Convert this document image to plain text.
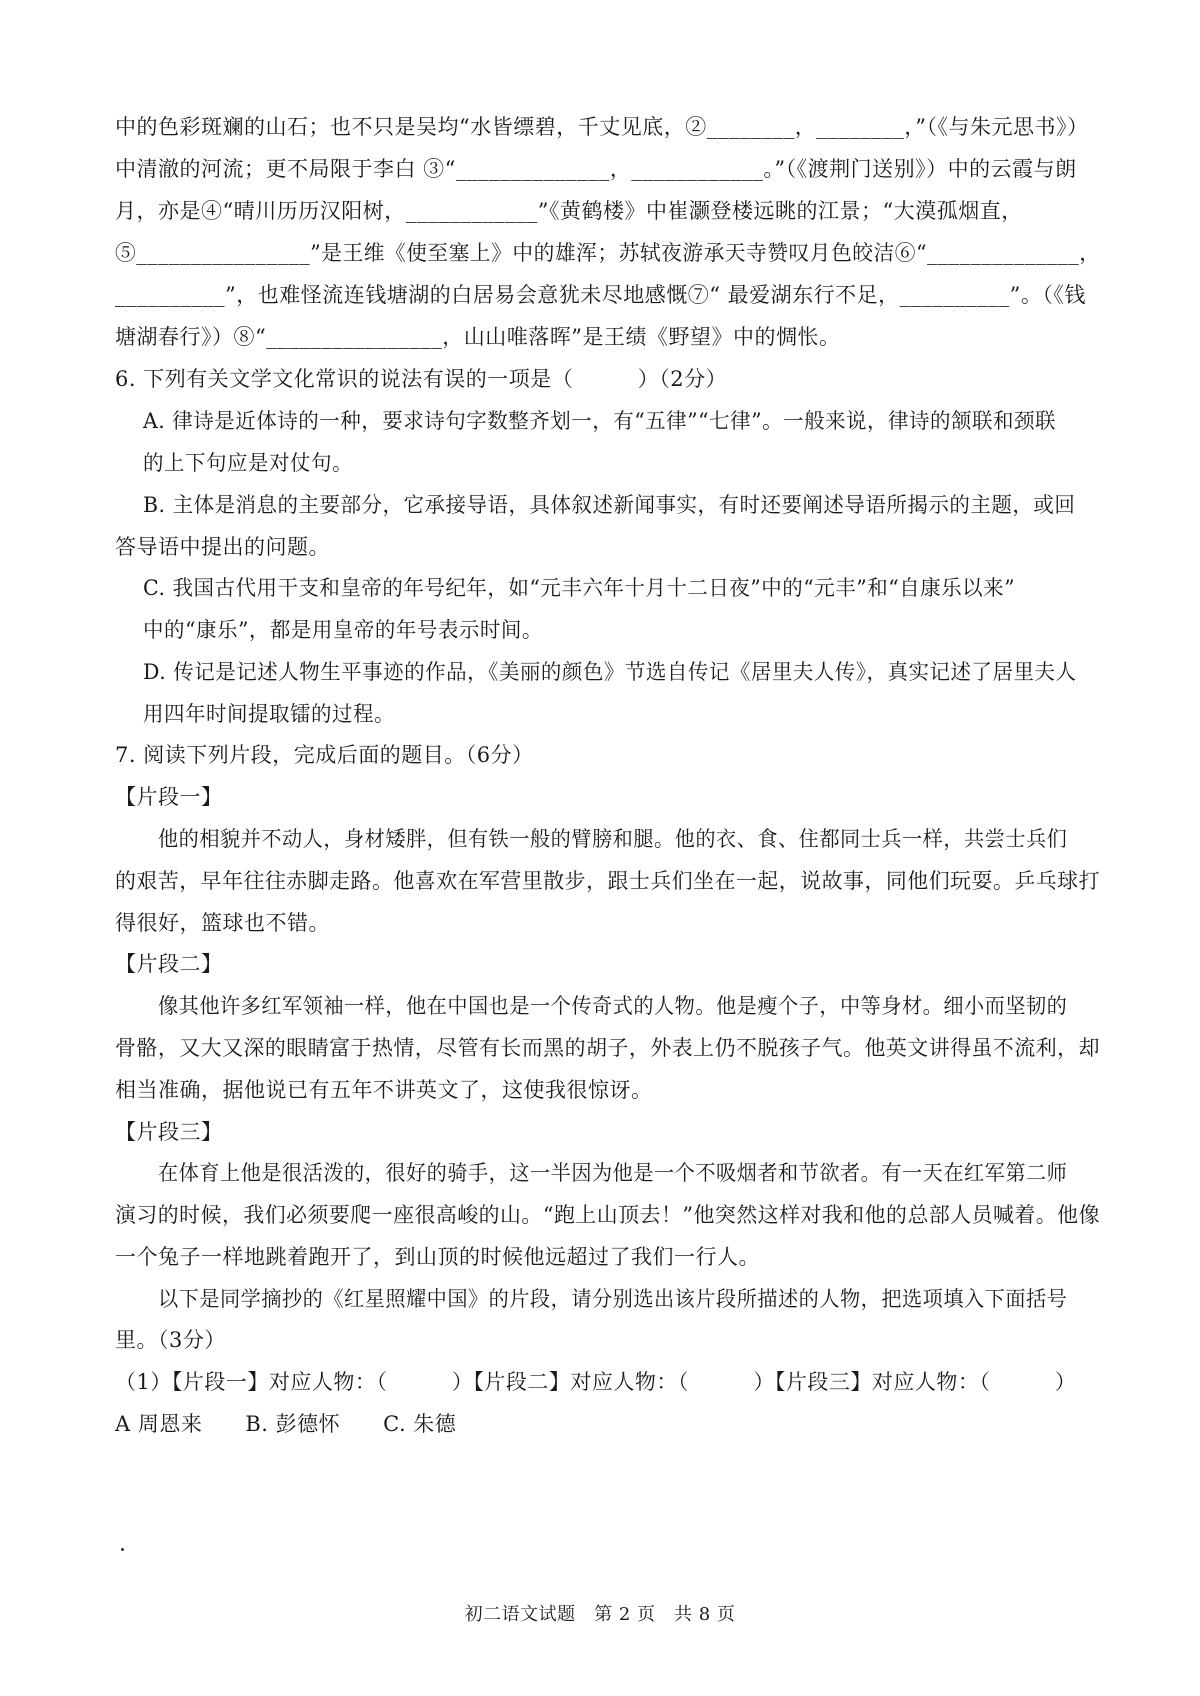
中的色彩斑斓的山石；也不只是吴均“水皆缥碧，千丈见底，②________，________，”（《与朱元思书》）
中清澈的河流；更不局限于李白 ③“______________，____________。”（《渡荆门送别》）中的云霞与朗
月，亦是④“晴川历历汉阳树，____________”《黄鹤楼》中崔灏登楼远眺的江景；“大漠孤烟直，
⑤________________”是王维《使至塞上》中的雄浑；苏轼夜游承天寺赞叹月色皎洁⑥“______________，
__________”，也难怪流连钱塘湖的白居易会意犹未尽地感慨⑦“ 最爱湖东行不足，__________”。（《钱
塘湖春行》）⑧“________________，山山唯落晖”是王绩《野望》中的惆怅。
6. 下列有关文学文化常识的说法有误的一项是（　　　）（2分）
A. 律诗是近体诗的一种，要求诗句字数整齐划一，有“五律”“七律”。一般来说，律诗的颔联和颈联
的上下句应是对仗句。
B. 主体是消息的主要部分，它承接导语，具体叙述新闻事实，有时还要阐述导语所揭示的主题，或回
答导语中提出的问题。
C. 我国古代用干支和皇帝的年号纪年，如“元丰六年十月十二日夜”中的“元丰”和“自康乐以来”
中的“康乐”，都是用皇帝的年号表示时间。
D. 传记是记述人物生平事迹的作品，《美丽的颜色》节选自传记《居里夫人传》，真实记述了居里夫人
用四年时间提取镭的过程。
7. 阅读下列片段，完成后面的题目。（6分）
【片段一】
他的相貌并不动人，身材矮胖，但有铁一般的臂膀和腿。他的衣、食、住都同士兵一样，共尝士兵们
的艰苦，早年往往赤脚走路。他喜欢在军营里散步，跟士兵们坐在一起，说故事，同他们玩耍。乒乓球打
得很好，篮球也不错。
【片段二】
像其他许多红军领袖一样，他在中国也是一个传奇式的人物。他是瘦个子，中等身材。细小而坚韧的
骨骼，又大又深的眼睛富于热情，尽管有长而黑的胡子，外表上仍不脱孩子气。他英文讲得虽不流利，却
相当准确，据他说已有五年不讲英文了，这使我很惊讶。
【片段三】
在体育上他是很活泼的，很好的骑手，这一半因为他是一个不吸烟者和节欲者。有一天在红军第二师
演习的时候，我们必须要爬一座很高峻的山。“跑上山顶去！”他突然这样对我和他的总部人员喊着。他像
一个兔子一样地跳着跑开了，到山顶的时候他远超过了我们一行人。
以下是同学摘抄的《红星照耀中国》的片段，请分别选出该片段所描述的人物，把选项填入下面括号
里。（3分）
（1）【片段一】对应人物：（　　　）【片段二】对应人物：（　　　）【片段三】对应人物：（　　　）
A 周恩来　　B. 彭德怀　　C. 朱德
初二语文试题　第 2 页　共 8 页
